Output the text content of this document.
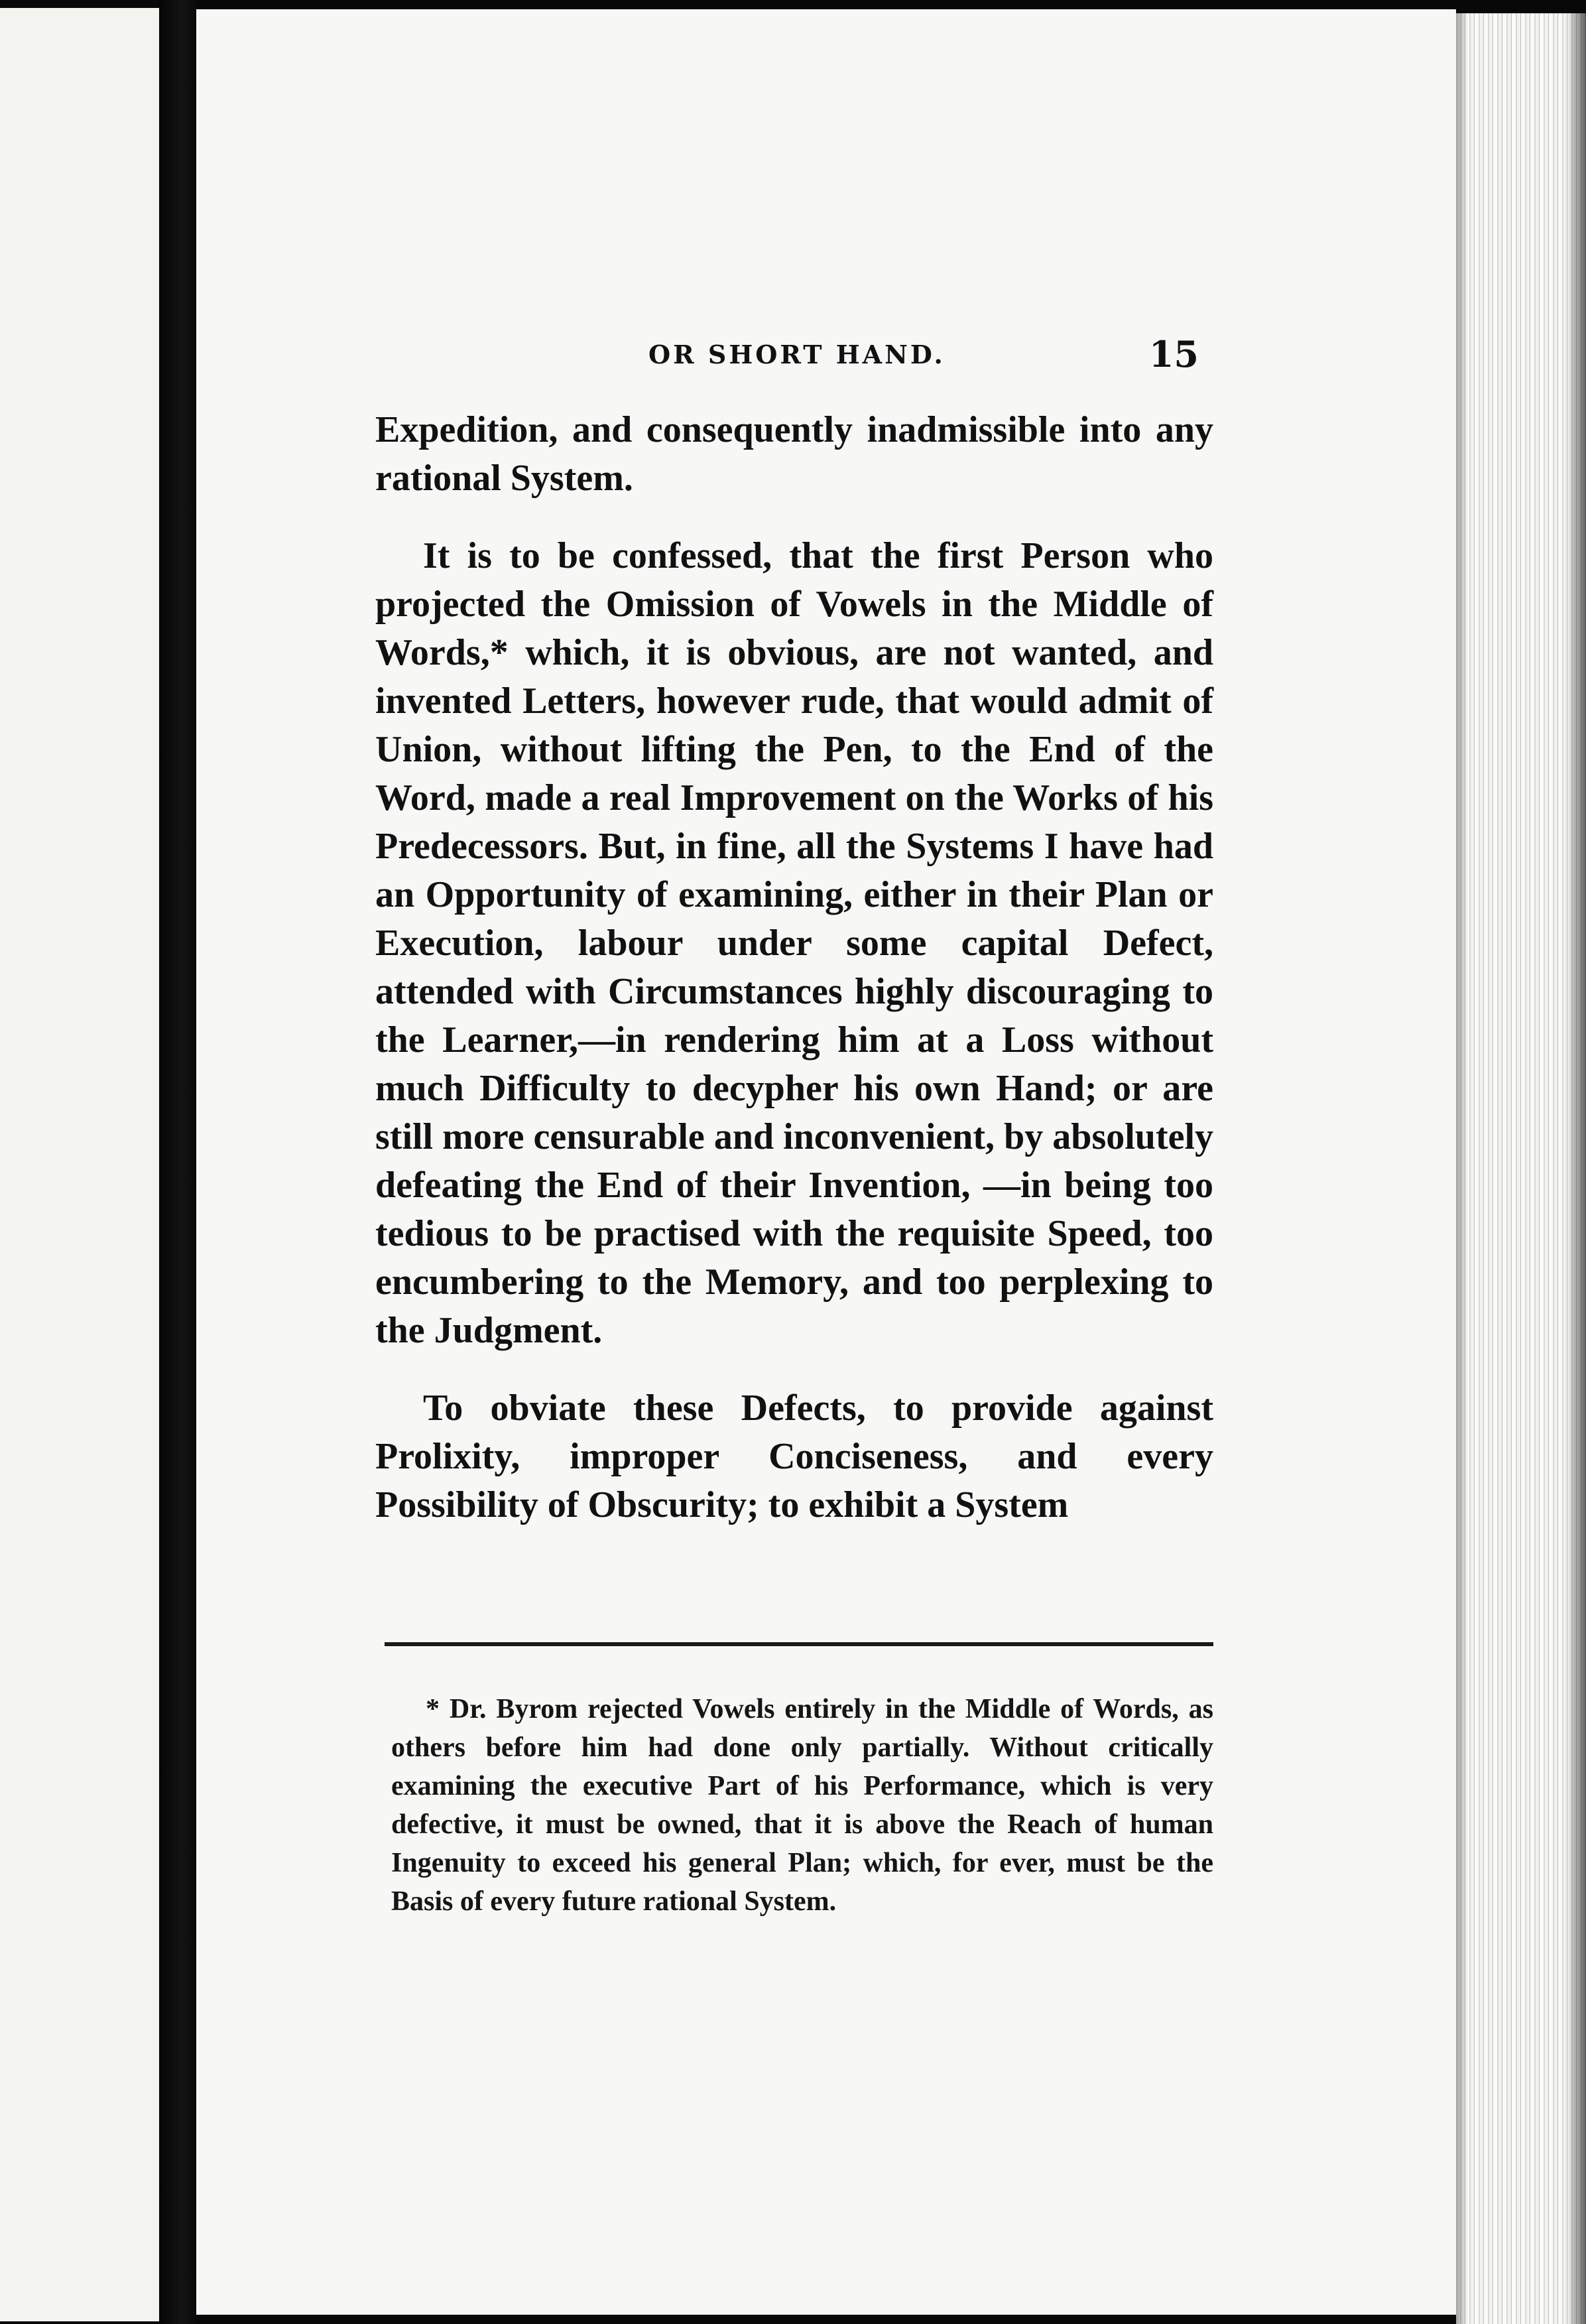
OR SHORT HAND.	15

Expedition, and consequently inadmissible into any rational System.

It is to be confessed, that the first Person who projected the Omission of Vowels in the Middle of Words,* which, it is obvious, are not wanted, and invented Letters, however rude, that would admit of Union, without lifting the Pen, to the End of the Word, made a real Improvement on the Works of his Predecessors. But, in fine, all the Systems I have had an Opportunity of examining, either in their Plan or Execution, labour under some capital Defect, attended with Circumstances highly discouraging to the Learner,—in rendering him at a Loss without much Difficulty to decypher his own Hand; or are still more censurable and inconvenient, by absolutely defeating the End of their Invention, —in being too tedious to be practised with the requisite Speed, too encumbering to the Memory, and too perplexing to the Judgment.

To obviate these Defects, to provide against Prolixity, improper Conciseness, and every Possibility of Obscurity; to exhibit a System

* Dr. Byrom rejected Vowels entirely in the Middle of Words, as others before him had done only partially. Without critically examining the executive Part of his Performance, which is very defective, it must be owned, that it is above the Reach of human Ingenuity to exceed his general Plan; which, for ever, must be the Basis of every future rational System.
